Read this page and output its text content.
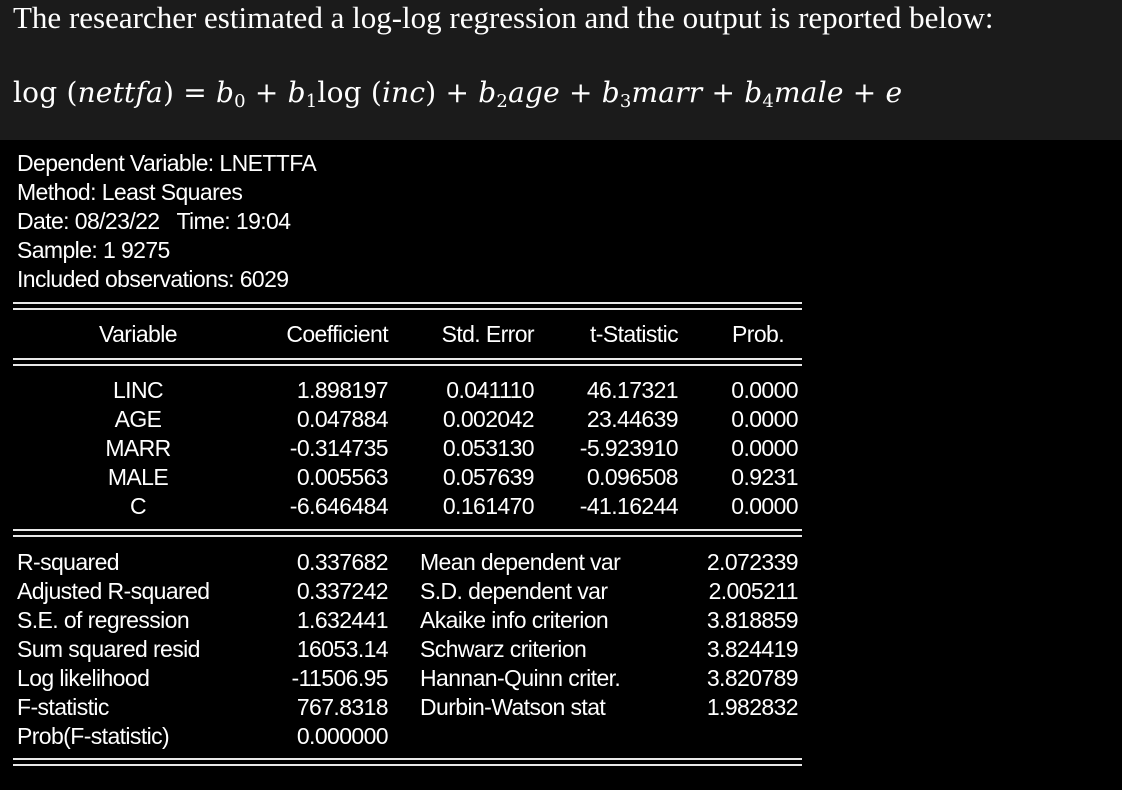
The researcher estimated a log-log regression and the output is reported below:
log (nettfa) = $b_0 + b_1\log$ $(inc) + b_2age$ + $b_3marr$ + $b_4male + e$
Dependent Variable: LNETTFA
Method: Least Squares
Date: 08/23/22   Time: 19:04
Sample: 1 9275
Included observations: 6029
Variable	Coefficient	Std. Error	t-Statistic	Prob.
LINC	1.898197	0.041110	46.17321	0.0000
AGE	0.047884	0.002042	23.44639	0.0000
MARR	-0.314735	0.053130	-5.923910	0.0000
MALE	0.005563	0.057639	0.096508	0.9231
C	-6.646484	0.161470	-41.16244	0.0000
R-squared	0.337682 Mean dependent var	2.072339
Adjusted R-squared	0.337242 S.D. dependent var	2.005211
S.E. of regression	1.632441 Akaike info criterion	3.818859
Sum squared resid	16053.14 Schwarz criterion	3.824419
Log likelihood	-11506.95 Hannan-Quinn criter.	3.820789
F-statistic	767.8318 Durbin-Watson stat	1.982832
Prob(F-statistic)	0.000000
